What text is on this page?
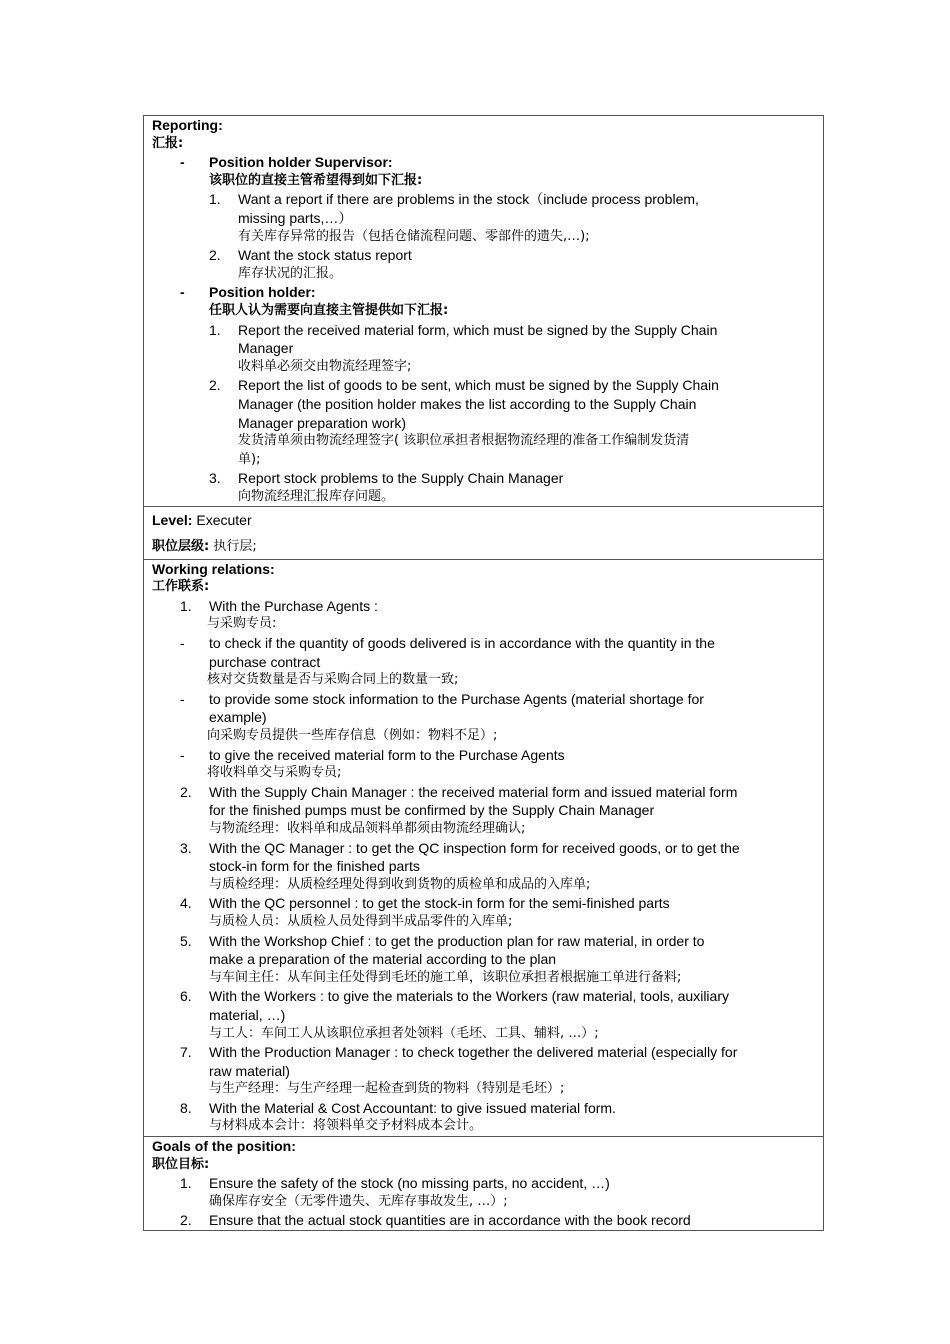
Reporting:
汇报:
- Position holder Supervisor:
该职位的直接主管希望得到如下汇报:
1. Want a report if there are problems in the stock（include process problem,
missing parts,…）
有关库存异常的报告（包括仓储流程问题、零部件的遗失,…);
2. Want the stock status report
库存状况的汇报。
- Position holder:
任职人认为需要向直接主管提供如下汇报:
1. Report the received material form, which must be signed by the Supply Chain
Manager
收料单必须交由物流经理签字;
2. Report the list of goods to be sent, which must be signed by the Supply Chain
Manager (the position holder makes the list according to the Supply Chain
Manager preparation work)
发货清单须由物流经理签字( 该职位承担者根据物流经理的准备工作编制发货清
单);
3. Report stock problems to the Supply Chain Manager
向物流经理汇报库存问题。

Level: Executer
职位层级: 执行层;

Working relations:
工作联系:
1. With the Purchase Agents :
与采购专员:
- to check if the quantity of goods delivered is in accordance with the quantity in the
purchase contract
核对交货数量是否与采购合同上的数量一致;
- to provide some stock information to the Purchase Agents (material shortage for
example)
向采购专员提供一些库存信息（例如：物料不足）;
- to give the received material form to the Purchase Agents
将收料单交与采购专员;
2. With the Supply Chain Manager : the received material form and issued material form
for the finished pumps must be confirmed by the Supply Chain Manager
与物流经理：收料单和成品领料单都须由物流经理确认;
3. With the QC Manager : to get the QC inspection form for received goods, or to get the
stock-in form for the finished parts
与质检经理：从质检经理处得到收到货物的质检单和成品的入库单;
4. With the QC personnel : to get the stock-in form for the semi-finished parts
与质检人员：从质检人员处得到半成品零件的入库单;
5. With the Workshop Chief : to get the production plan for raw material, in order to
make a preparation of the material according to the plan
与车间主任：从车间主任处得到毛坯的施工单，该职位承担者根据施工单进行备料;
6. With the Workers : to give the materials to the Workers (raw material, tools, auxiliary
material, …)
与工人：车间工人从该职位承担者处领料（毛坯、工具、辅料, …）;
7. With the Production Manager : to check together the delivered material (especially for
raw material)
与生产经理：与生产经理一起检查到货的物料（特别是毛坯）;
8. With the Material & Cost Accountant: to give issued material form.
与材料成本会计：将领料单交予材料成本会计。

Goals of the position:
职位目标:
1. Ensure the safety of the stock (no missing parts, no accident, …)
确保库存安全（无零件遗失、无库存事故发生, …）;
2. Ensure that the actual stock quantities are in accordance with the book record
